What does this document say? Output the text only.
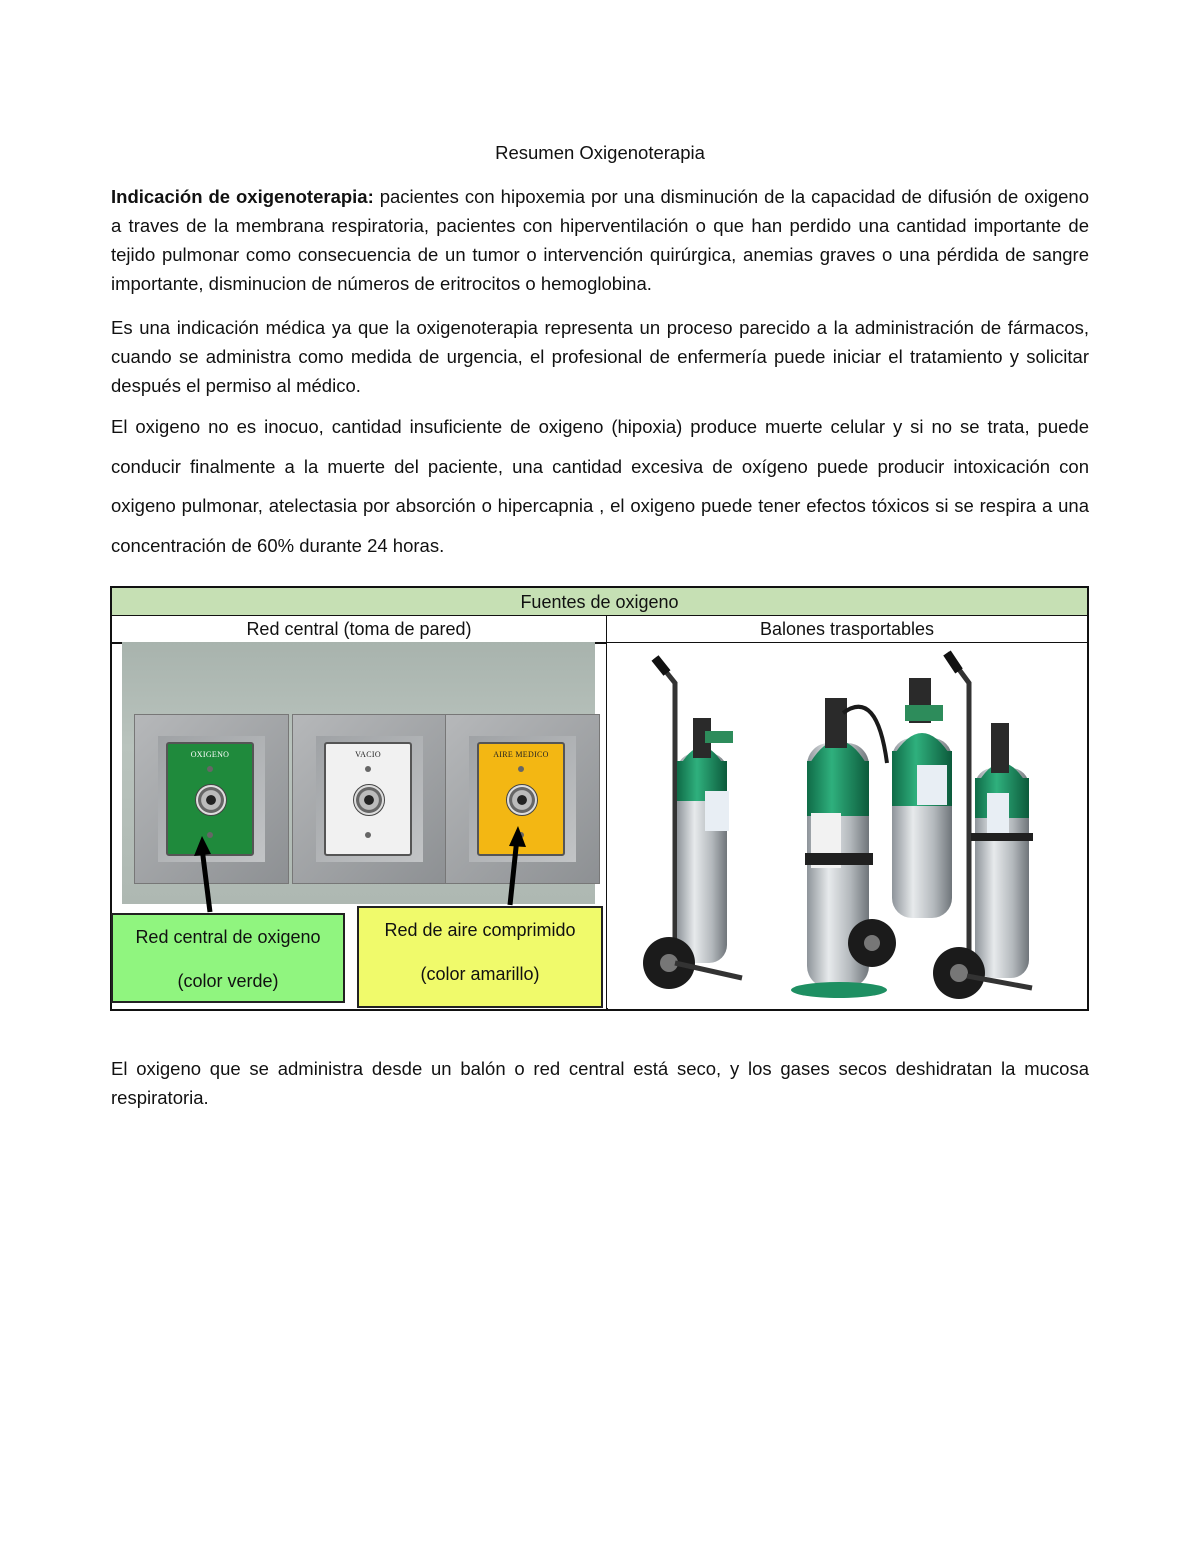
Resumen Oxigenoterapia

Indicación de oxigenoterapia: pacientes con hipoxemia por una disminución de la capacidad de difusión de oxigeno a traves de la membrana respiratoria, pacientes con hiperventilación o que han perdido una cantidad importante de tejido pulmonar como consecuencia de un tumor o intervención quirúrgica, anemias graves o una pérdida de sangre importante, disminucion de números de eritrocitos o hemoglobina.

Es una indicación médica ya que la oxigenoterapia representa un proceso parecido a la administración de fármacos, cuando se administra como medida de urgencia, el profesional de enfermería puede iniciar el tratamiento y solicitar después el permiso al médico.

El oxigeno no es inocuo, cantidad insuficiente de oxigeno (hipoxia) produce muerte celular y si no se trata, puede conducir finalmente a la muerte del paciente, una cantidad excesiva de oxígeno puede producir intoxicación con oxigeno pulmonar, atelectasia por absorción o hipercapnia , el oxigeno puede tener efectos tóxicos si se respira a una concentración de 60% durante 24 horas.

Fuentes de oxigeno
Red central (toma de pared)	Balones trasportables
OXIGENO	VACIO	AIRE MEDICO
Red central de oxigeno
(color verde)
Red de aire comprimido
(color amarillo)

El oxigeno que se administra desde un balón o red central está seco, y los gases secos deshidratan la mucosa respiratoria.
